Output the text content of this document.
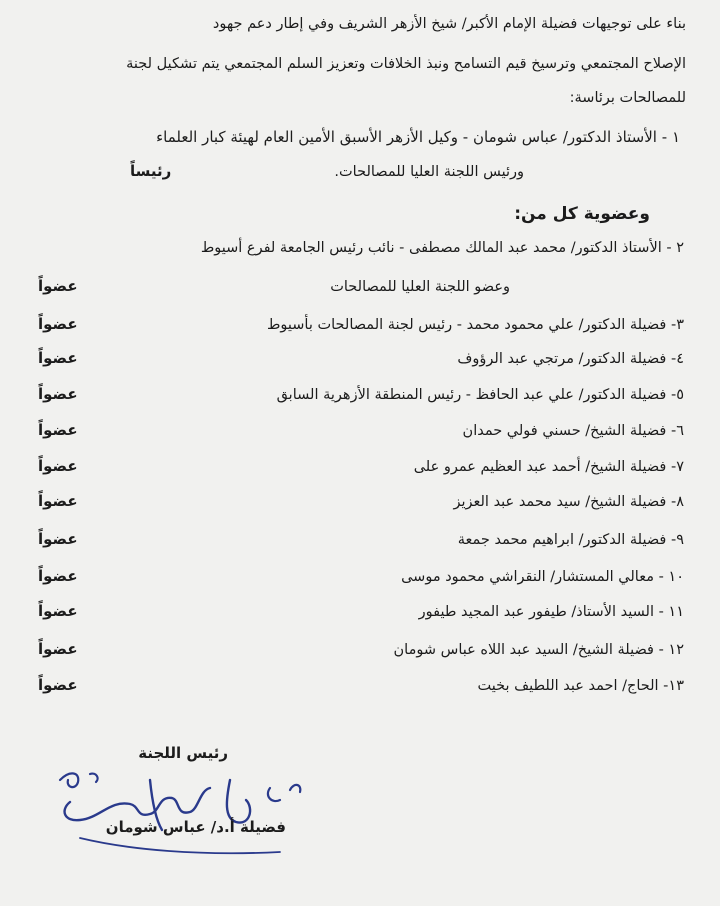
بناء على توجيهات فضيلة الإمام الأكبر/ شيخ الأزهر الشريف وفي إطار دعم جهود
الإصلاح المجتمعي وترسيخ قيم التسامح ونبذ الخلافات وتعزيز السلم المجتمعي يتم تشكيل لجنة
للمصالحات برئاسة:
١ - الأستاذ الدكتور/ عباس شومان - وكيل الأزهر الأسبق الأمين العام لهيئة كبار العلماء
ورئيس اللجنة العليا للمصالحات.
رئيساً
وعضوية كل من:
٢ - الأستاذ الدكتور/ محمد عبد المالك مصطفى - نائب رئيس الجامعة لفرع أسيوط
وعضو اللجنة العليا للمصالحات
عضواً
٣- فضيلة الدكتور/ علي محمود محمد - رئيس لجنة المصالحات بأسيوط
عضواً
٤- فضيلة الدكتور/ مرتجي عبد الرؤوف
عضواً
٥- فضيلة الدكتور/ علي عبد الحافظ - رئيس المنطقة الأزهرية السابق
عضواً
٦- فضيلة الشيخ/ حسني فولي حمدان
عضواً
٧- فضيلة الشيخ/ أحمد عبد العظيم عمرو على
عضواً
٨- فضيلة الشيخ/ سيد محمد عبد العزيز
عضواً
٩- فضيلة الدكتور/ ابراهيم محمد جمعة
عضواً
١٠ - معالي المستشار/ النقراشي محمود موسى
عضواً
١١ - السيد الأستاذ/ طيفور عبد المجيد طيفور
عضواً
١٢ - فضيلة الشيخ/ السيد عبد اللاه عباس شومان
عضواً
١٣- الحاج/ احمد عبد اللطيف بخيت
عضواً
رئيس اللجنة
فضيلة أ.د/ عباس شومان
